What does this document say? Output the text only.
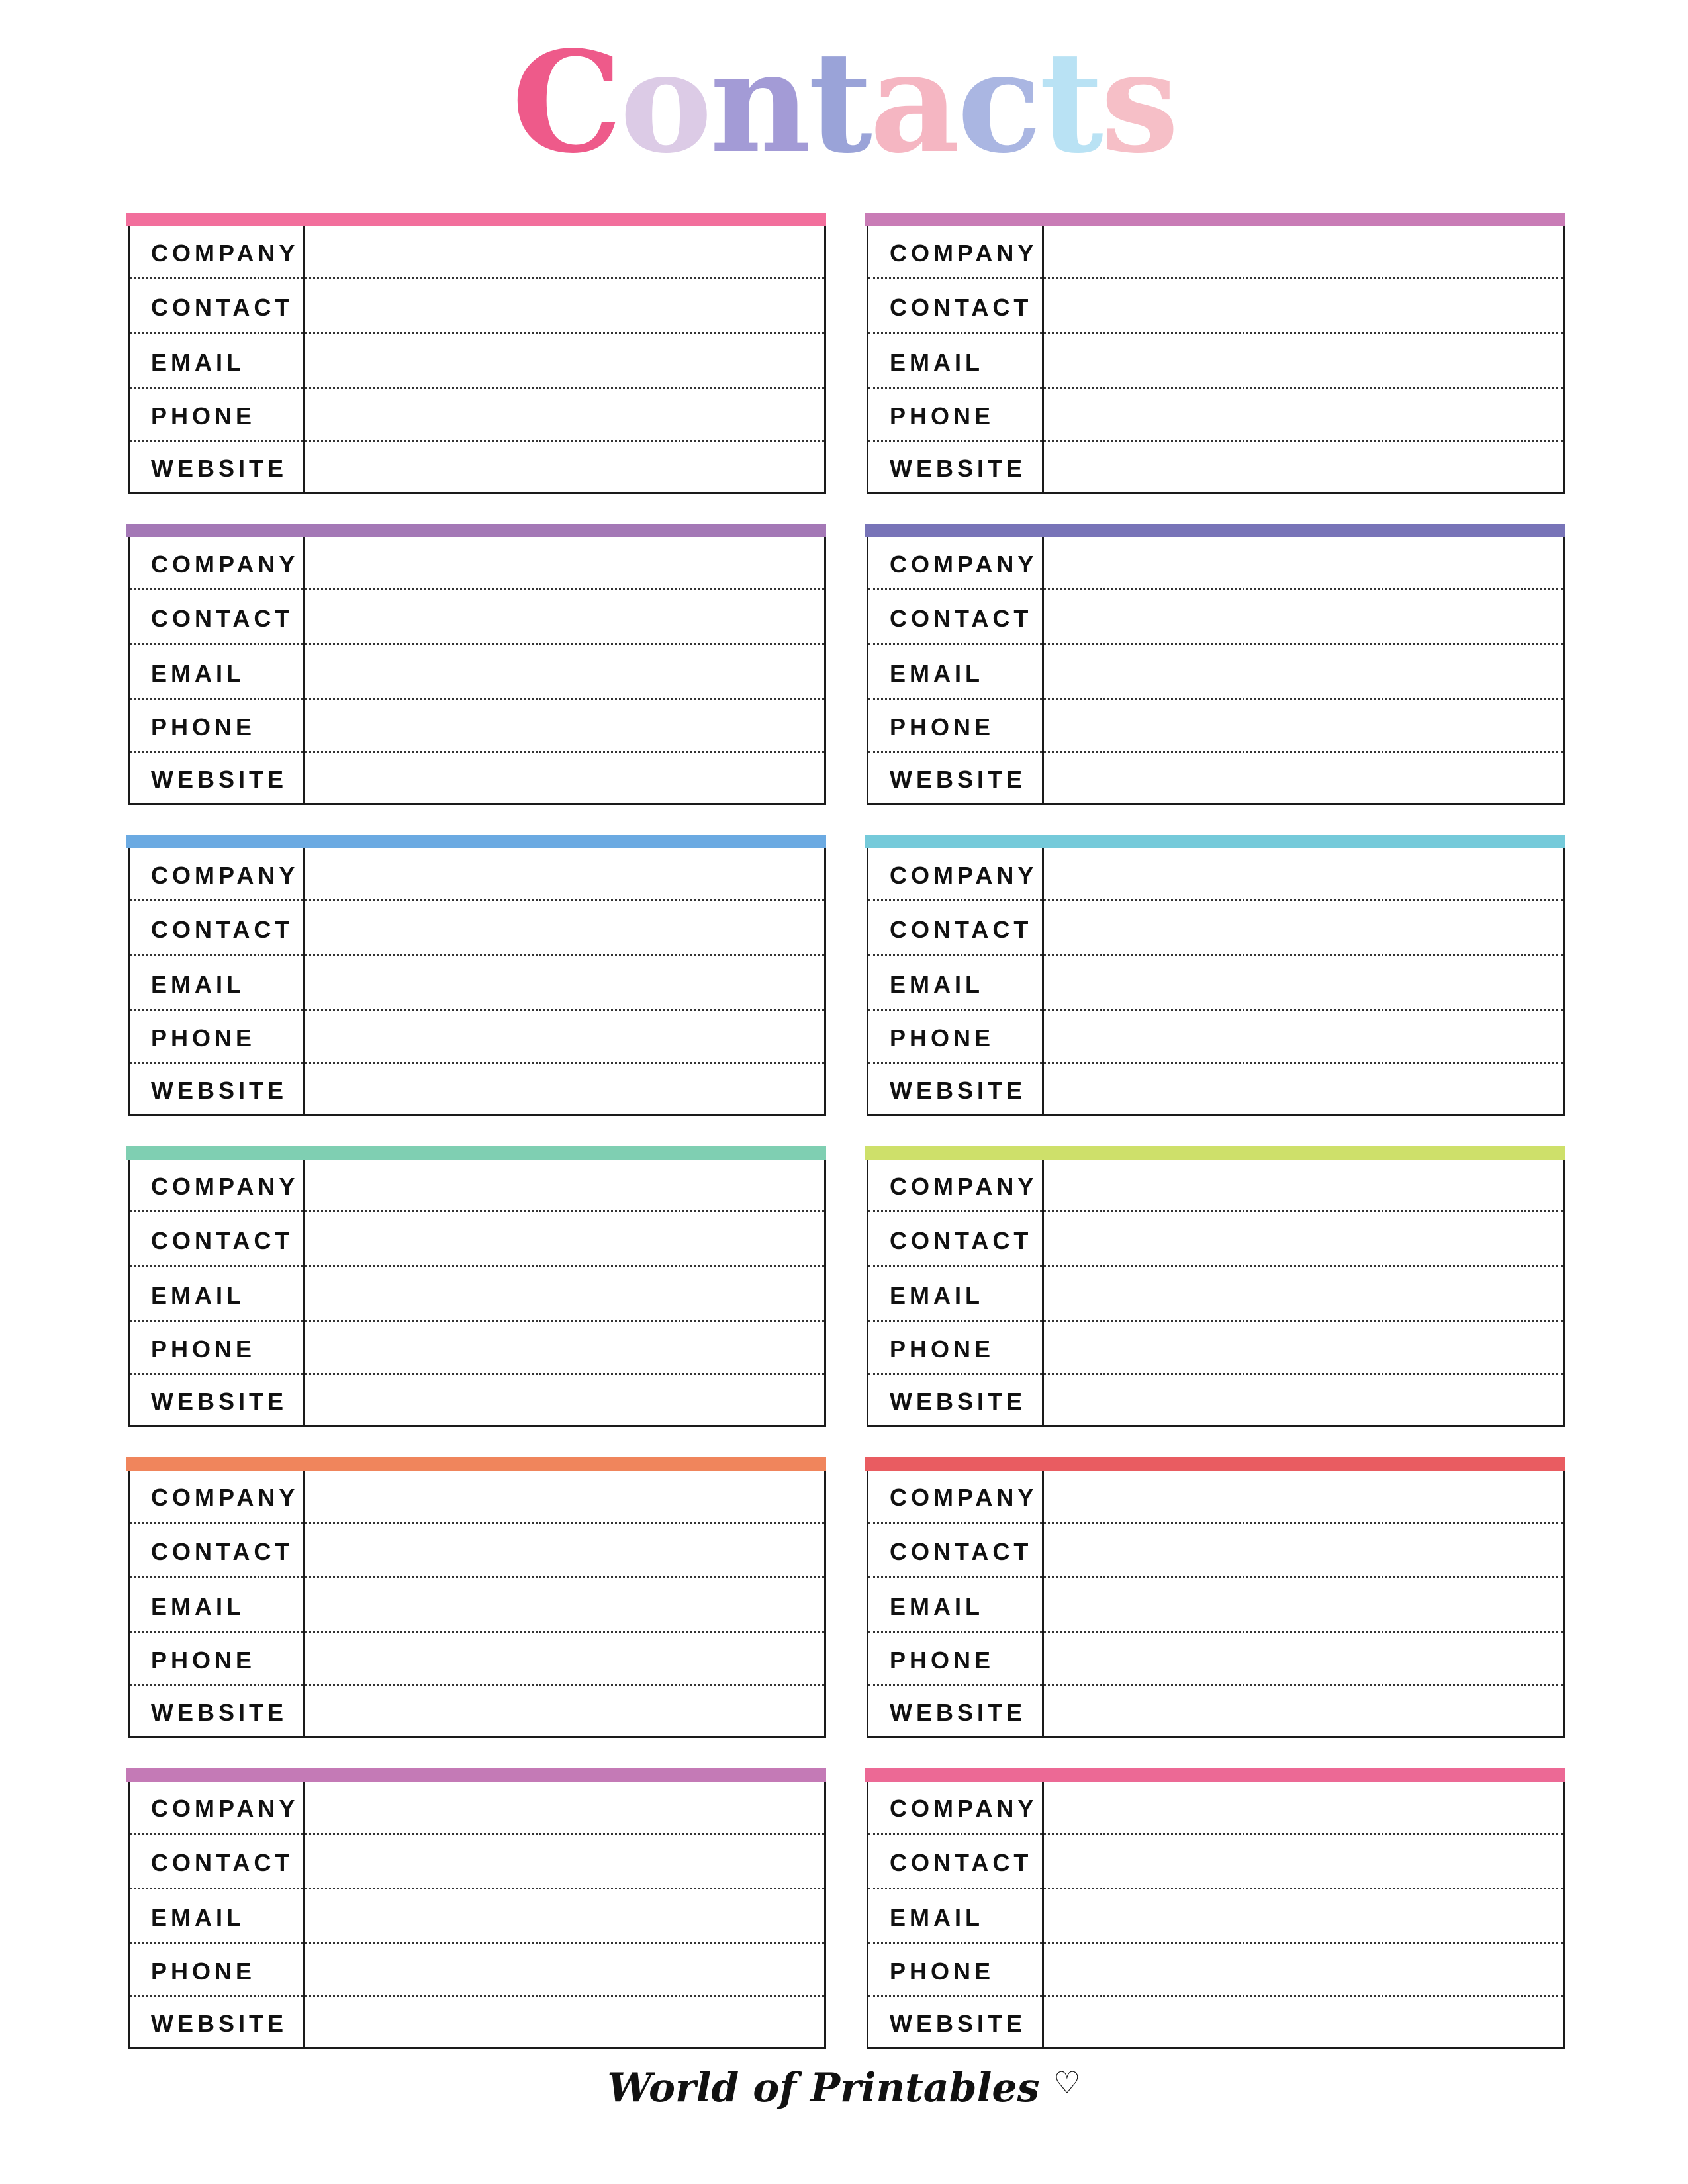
Contacts
COMPANY
CONTACT
EMAIL
PHONE
WEBSITE
COMPANY
CONTACT
EMAIL
PHONE
WEBSITE
COMPANY
CONTACT
EMAIL
PHONE
WEBSITE
COMPANY
CONTACT
EMAIL
PHONE
WEBSITE
COMPANY
CONTACT
EMAIL
PHONE
WEBSITE
COMPANY
CONTACT
EMAIL
PHONE
WEBSITE
COMPANY
CONTACT
EMAIL
PHONE
WEBSITE
COMPANY
CONTACT
EMAIL
PHONE
WEBSITE
COMPANY
CONTACT
EMAIL
PHONE
WEBSITE
COMPANY
CONTACT
EMAIL
PHONE
WEBSITE
COMPANY
CONTACT
EMAIL
PHONE
WEBSITE
COMPANY
CONTACT
EMAIL
PHONE
WEBSITE
World of Printables ♡
